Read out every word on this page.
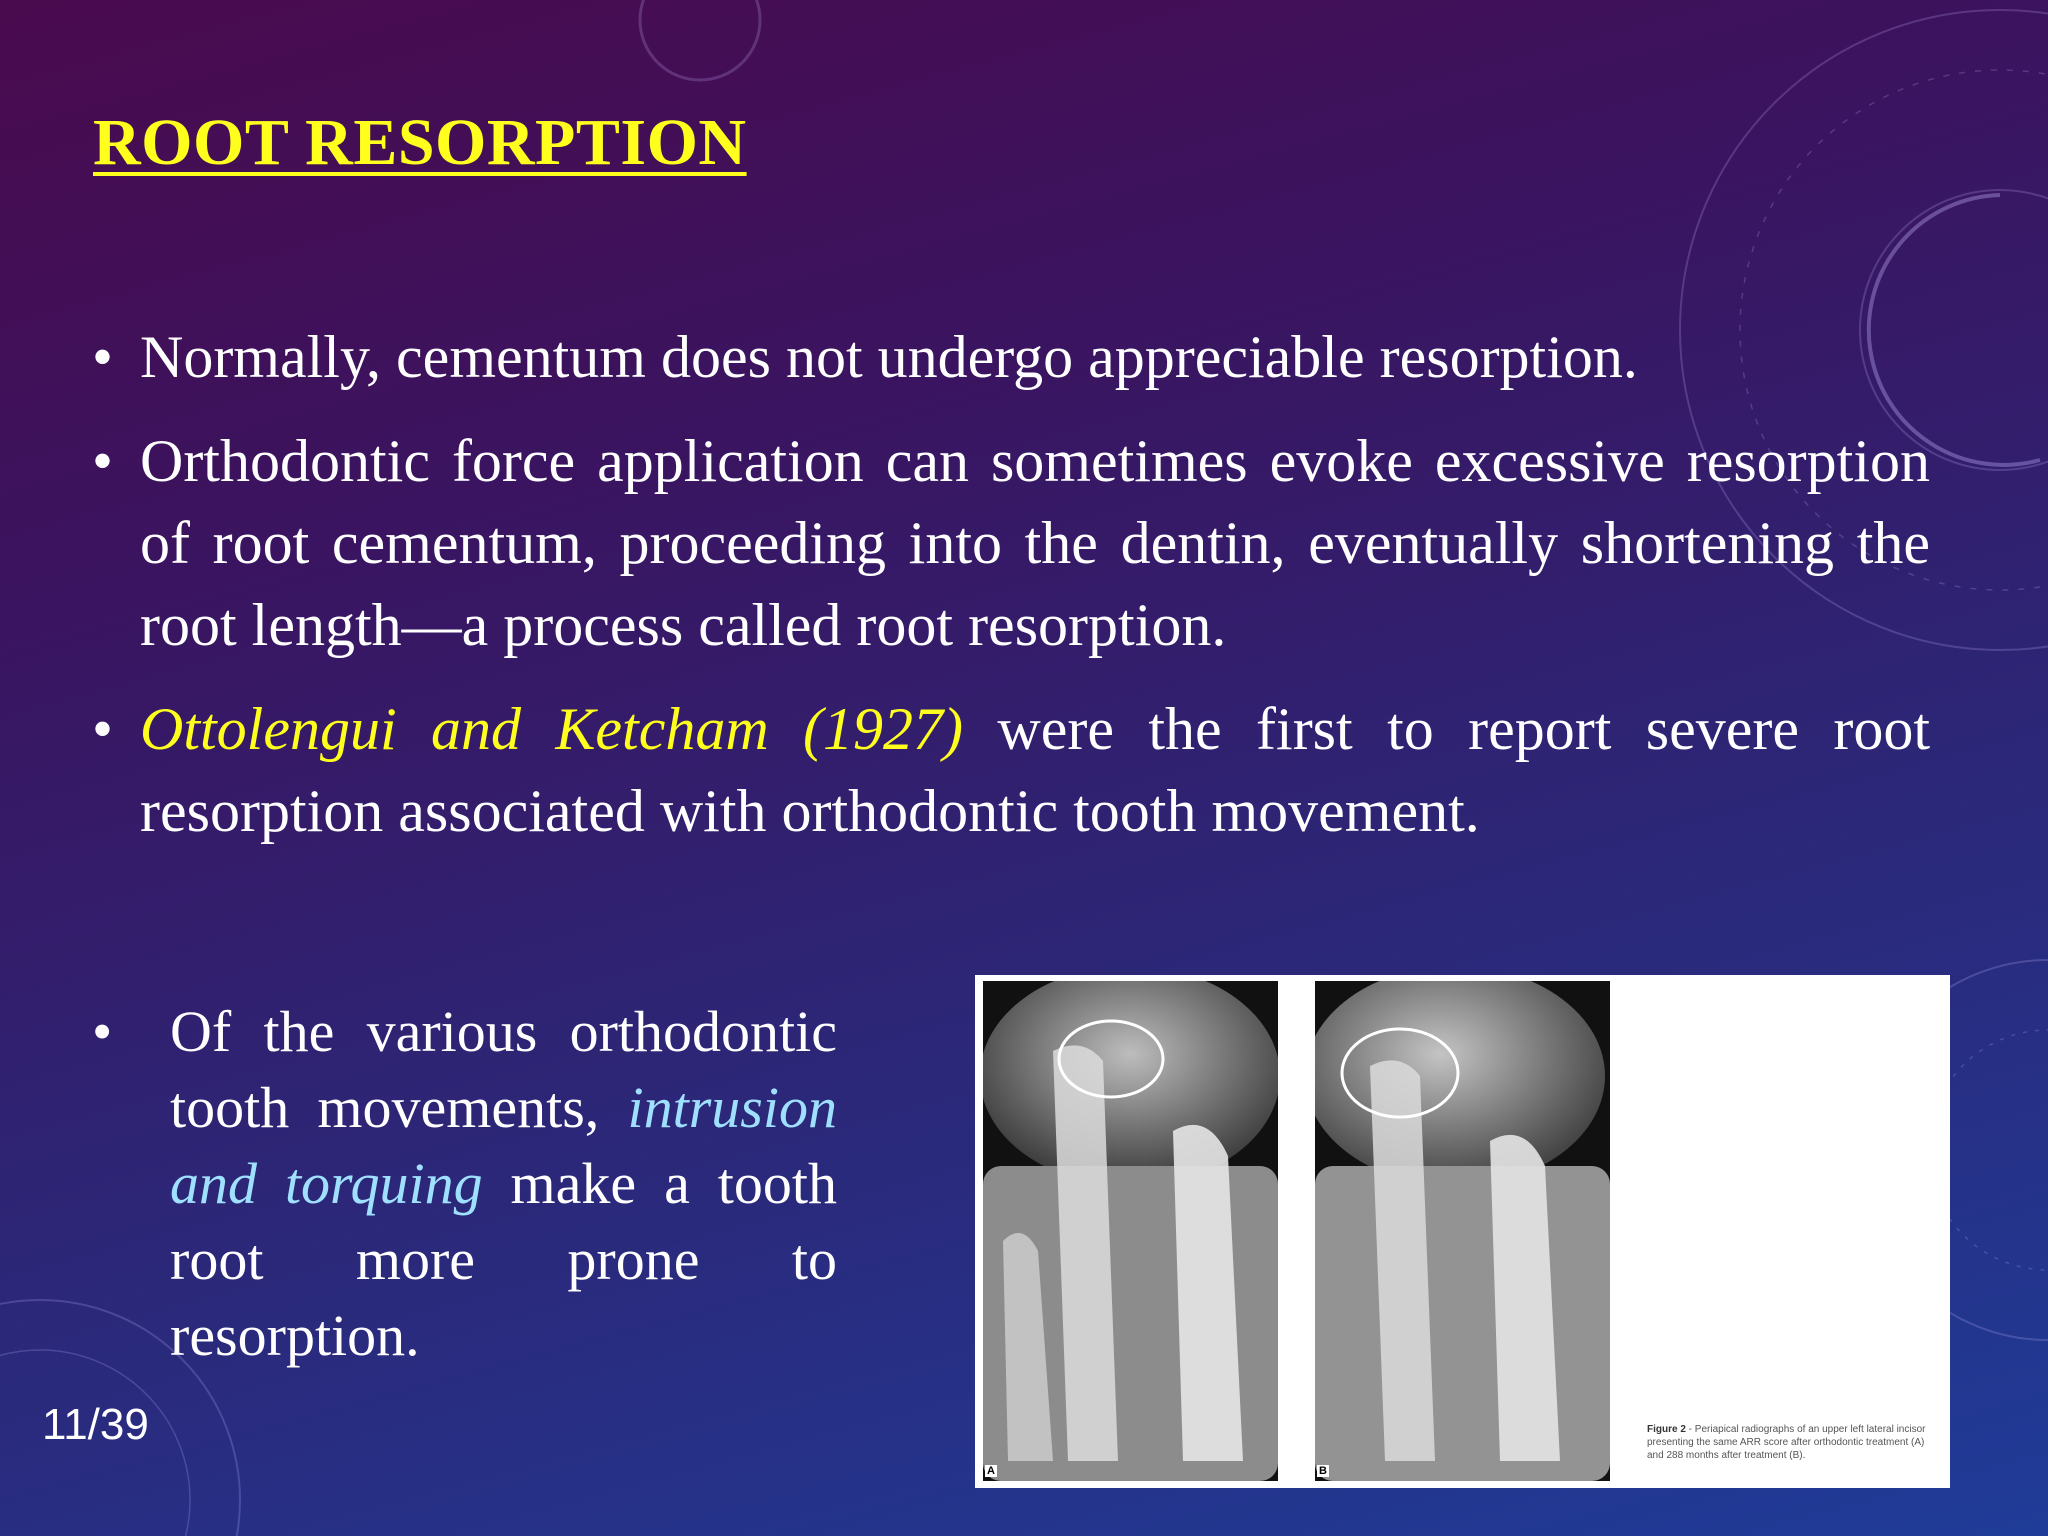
ROOT RESORPTION
• Normally, cementum does not undergo appreciable resorption.
• Orthodontic force application can sometimes evoke excessive resorption of root cementum, proceeding into the dentin, eventually shortening the root length—a process called root resorption.
• Ottolengui and Ketcham (1927) were the first to report severe root resorption associated with orthodontic tooth movement.
• Of the various orthodontic tooth movements, intrusion and torquing make a tooth root more prone to resorption.
11/39
A	B
Figure 2 - Periapical radiographs of an upper left lateral incisor presenting the same ARR score after orthodontic treatment (A) and 288 months after treatment (B).
